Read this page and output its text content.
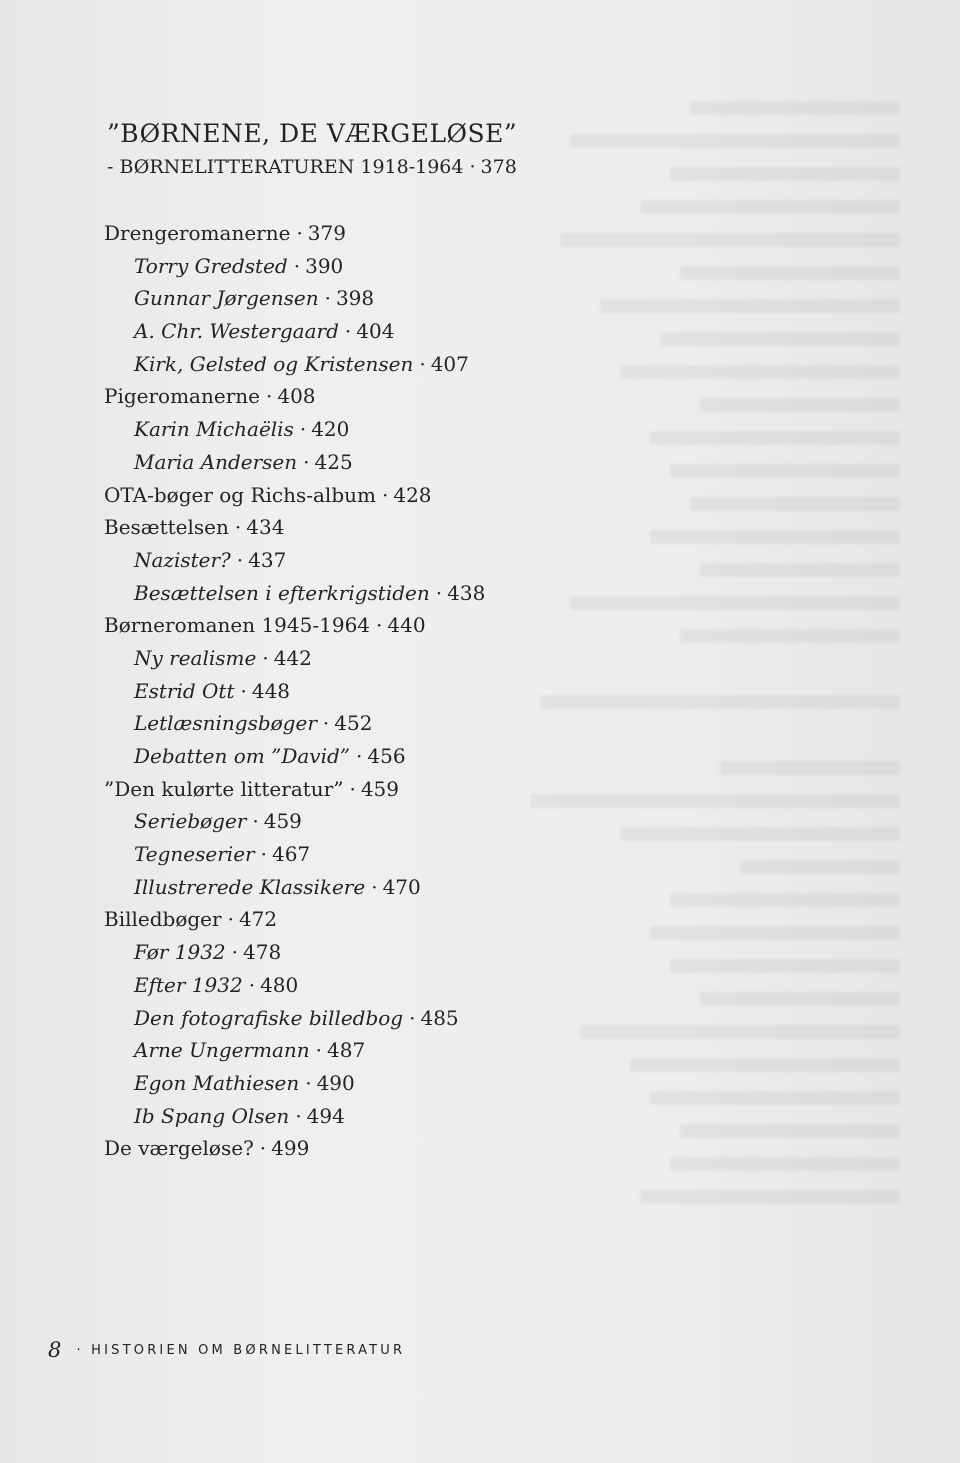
”BØRNENE, DE VÆRGELØSE”
- BØRNELITTERATUREN 1918-1964 · 378
Drengeromanerne · 379
Torry Gredsted · 390
Gunnar Jørgensen · 398
A. Chr. Westergaard · 404
Kirk, Gelsted og Kristensen · 407
Pigeromanerne · 408
Karin Michaëlis · 420
Maria Andersen · 425
OTA-bøger og Richs-album · 428
Besættelsen · 434
Nazister? · 437
Besættelsen i efterkrigstiden · 438
Børneromanen 1945-1964 · 440
Ny realisme · 442
Estrid Ott · 448
Letlæsningsbøger · 452
Debatten om ”David” · 456
”Den kulørte litteratur” · 459
Seriebøger · 459
Tegneserier · 467
Illustrerede Klassikere · 470
Billedbøger · 472
Før 1932 · 478
Efter 1932 · 480
Den fotografiske billedbog · 485
Arne Ungermann · 487
Egon Mathiesen · 490
Ib Spang Olsen · 494
De værgeløse? · 499
8 · HISTORIEN OM BØRNELITTERATUR
